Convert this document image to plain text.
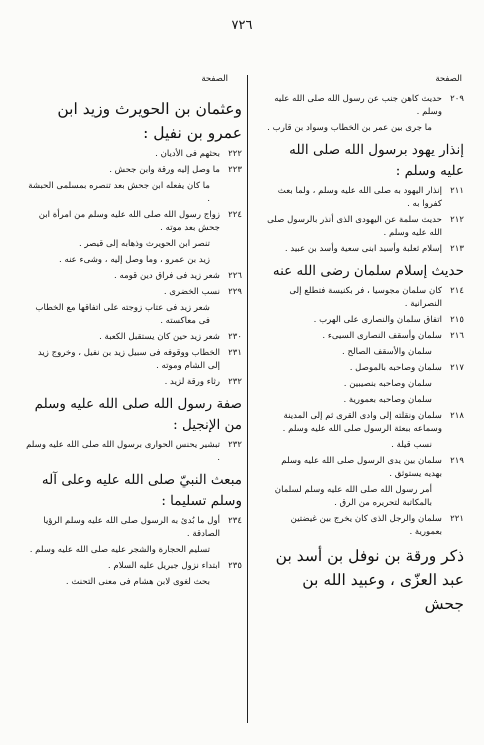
٧٢٦
الصفحة
الصفحة
٢٠٩
حديث كاهن جنب عن رسول الله صلى الله عليه وسلم .
ما جرى بين عمر بن الخطاب وسواد بن قارب .
إنذار يهود برسول الله صلى الله عليه وسلم :
٢١١
إنذار اليهود به صلى الله عليه وسلم ، ولما بعث كفروا به .
٢١٢
حديث سلمة عن اليهودى الذى أنذر بالرسول صلى الله عليه وسلم .
٢١٣
إسلام ثعلبة وأسيد ابنى سعية وأسد بن عبيد .
حديث إسلام سلمان رضى الله عنه
٢١٤
كان سلمان مجوسيا ، فر بكنيسة فتطلع إلى النصرانية .
٢١٥
اتفاق سلمان والنصارى على الهرب .
٢١٦
سلمان وأسقف النصارى السيىء .
سلمان والأسقف الصالح .
٢١٧
سلمان وصاحبه بالموصل .
سلمان وصاحبه بنصيبين .
سلمان وصاحبه بعمورية .
٢١٨
سلمان ونقلته إلى وادى القرى ثم إلى المدينة وسماعه ببعثة الرسول صلى الله عليه وسلم .
نسب قيلة .
٢١٩
سلمان بين يدى الرسول صلى الله عليه وسلم بهديه يستوثق .
أمر رسول الله صلى الله عليه وسلم لسلمان بالمكاتبة لتحريره من الرق .
٢٢١
سلمان والرجل الذى كان يخرج بين غيضتين بعمورية .
ذكر ورقة بن نوفل بن أسد بن عبد العزّى ، وعبيد الله بن جحش
وعثمان بن الحويرث وزيد ابن عمرو بن نفيل :
٢٢٢
بحثهم فى الأديان .
٢٢٣
ما وصل إليه ورقة وابن جحش .
ما كان يفعله ابن جحش بعد تنصره بمسلمى الحبشة .
٢٢٤
زواج رسول الله صلى الله عليه وسلم من امرأة ابن جحش بعد موته .
تنصر ابن الحويرث وذهابه إلى قيصر .
زيد بن عمرو ، وما وصل إليه ، وشىء عنه .
٢٢٦
شعر زيد فى فراق دين قومه .
٢٢٩
نسب الخضرى .
شعر زيد فى عتاب زوجته على اتفاقها مع الخطاب فى معاكسته .
٢٣٠
شعر زيد حين كان يستقبل الكعبة .
٢٣١
الخطاب ووقوفه فى سبيل زيد بن نفيل ، وخروج زيد إلى الشام وموته .
٢٣٢
رثاء ورقة لزيد .
صفة رسول الله صلى الله عليه وسلم من الإنجيل :
٢٣٢
تبشير يحنس الحوارى برسول الله صلى الله عليه وسلم .
مبعث النبيّ صلى الله عليه وعلى آله وسلم تسليما :
٢٣٤
أول ما بُدئ به الرسول صلى الله عليه وسلم الرؤيا الصادقة .
تسليم الحجارة والشجر عليه صلى الله عليه وسلم .
٢٣٥
ابتداء نزول جبريل عليه السلام .
بحث لغوى لابن هشام فى معنى التحنث .
